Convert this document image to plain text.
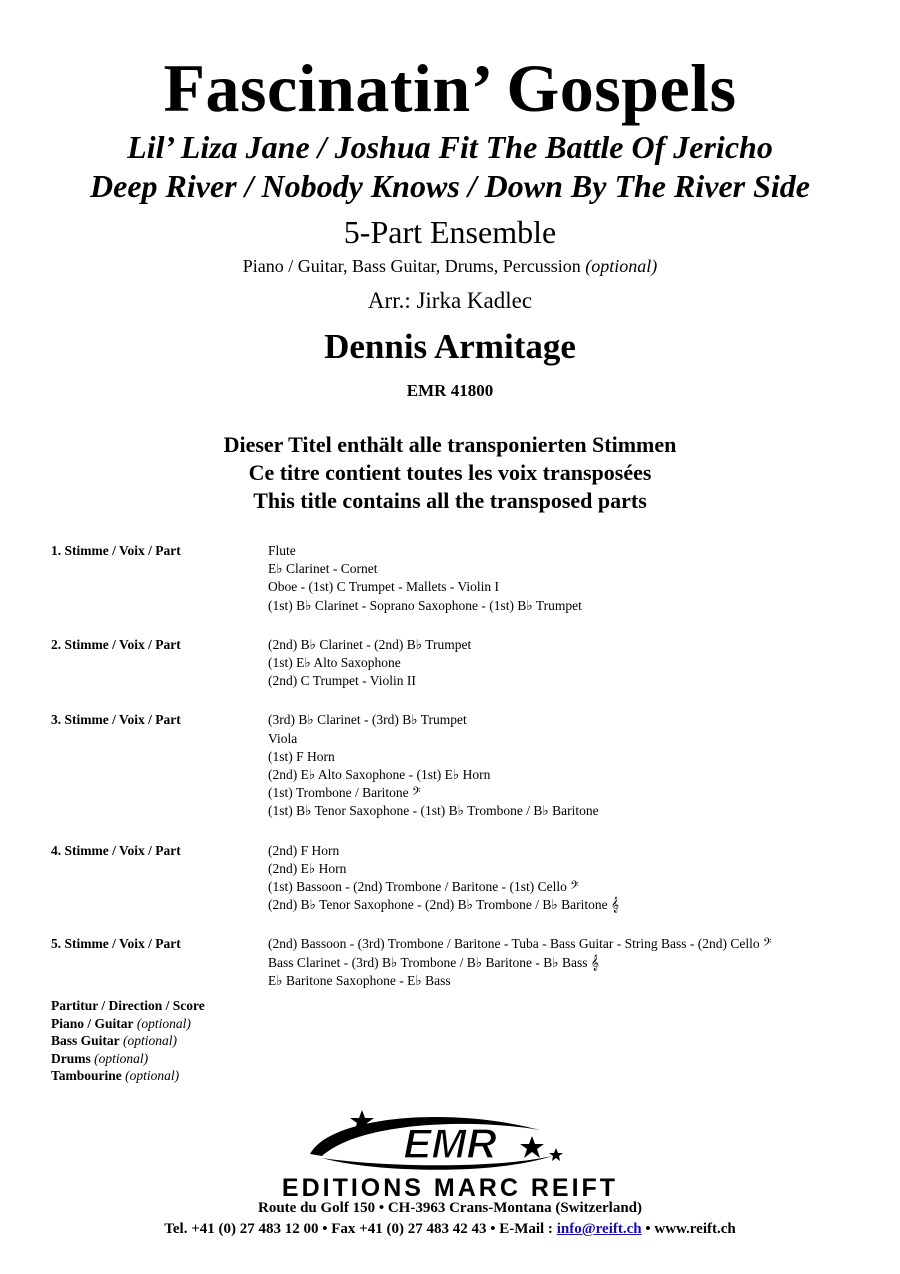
Fascinatin’ Gospels
Lil’ Liza Jane / Joshua Fit The Battle Of Jericho
Deep River / Nobody Knows / Down By The River Side
5-Part Ensemble
Piano / Guitar, Bass Guitar, Drums, Percussion (optional)
Arr.: Jirka Kadlec
Dennis Armitage
EMR 41800
Dieser Titel enthält alle transponierten Stimmen
Ce titre contient toutes les voix transposées
This title contains all the transposed parts
1. Stimme / Voix / Part	Flute
E♭ Clarinet - Cornet
Oboe - (1st) C Trumpet - Mallets - Violin I
(1st) B♭ Clarinet - Soprano Saxophone - (1st) B♭ Trumpet
2. Stimme / Voix / Part	(2nd) B♭ Clarinet - (2nd) B♭ Trumpet
(1st) E♭ Alto Saxophone
(2nd) C Trumpet - Violin II
3. Stimme / Voix / Part	(3rd) B♭ Clarinet - (3rd) B♭ Trumpet
Viola
(1st) F Horn
(2nd) E♭ Alto Saxophone - (1st) E♭ Horn
(1st) Trombone / Baritone 𝄢
(1st) B♭ Tenor Saxophone - (1st) B♭ Trombone / B♭ Baritone
4. Stimme / Voix / Part	(2nd) F Horn
(2nd) E♭ Horn
(1st) Bassoon - (2nd) Trombone / Baritone - (1st) Cello 𝄢
(2nd) B♭ Tenor Saxophone - (2nd) B♭ Trombone / B♭ Baritone 𝄞
5. Stimme / Voix / Part	(2nd) Bassoon - (3rd) Trombone / Baritone - Tuba - Bass Guitar - String Bass - (2nd) Cello 𝄢
Bass Clarinet - (3rd) B♭ Trombone / B♭ Baritone - B♭ Bass 𝄞
E♭ Baritone Saxophone - E♭ Bass
Partitur / Direction / Score
Piano / Guitar (optional)
Bass Guitar (optional)
Drums (optional)
Tambourine (optional)
EMR
EDITIONS MARC REIFT
Route du Golf 150 • CH-3963 Crans-Montana (Switzerland)
Tel. +41 (0) 27 483 12 00 • Fax +41 (0) 27 483 42 43 • E-Mail : info@reift.ch • www.reift.ch
